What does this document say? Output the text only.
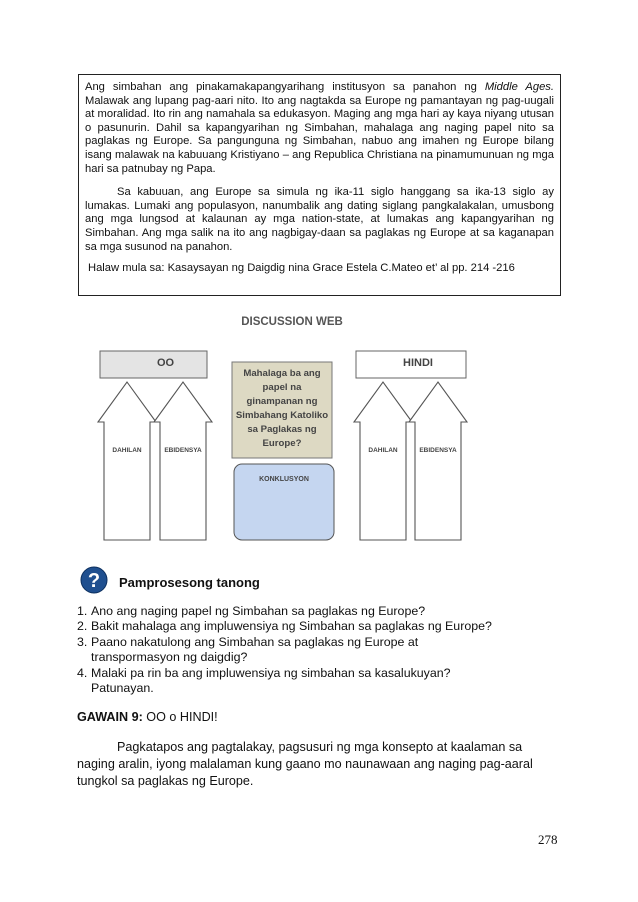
Ang simbahan ang pinakamakapangyarihang institusyon sa panahon ng Middle Ages. Malawak ang lupang pag-aari nito. Ito ang nagtakda sa Europe ng pamantayan ng pag-uugali at moralidad. Ito rin ang namahala sa edukasyon. Maging ang mga hari ay kaya niyang utusan o pasunurin. Dahil sa kapangyarihan ng Simbahan, mahalaga ang naging papel nito sa paglakas ng Europe. Sa pangunguna ng Simbahan, nabuo ang imahen ng Europe bilang isang malawak na kabuuang Kristiyano – ang Republica Christiana na pinamumunuan ng mga hari sa patnubay ng Papa.

Sa kabuuan, ang Europe sa simula ng ika-11 siglo hanggang sa ika-13 siglo ay lumakas. Lumaki ang populasyon, nanumbalik ang dating siglang pangkalakalan, umusbong ang mga lungsod at kalaunan ay mga nation-state, at lumakas ang kapangyarihan ng Simbahan. Ang mga salik na ito ang nagbigay-daan sa paglakas ng Europe at sa kaganapan sa mga susunod na panahon.

Halaw mula sa: Kasaysayan ng Daigdig nina Grace Estela C.Mateo et’ al pp. 214 -216

DISCUSSION WEB
OO	HINDI
DAHILAN	EBIDENSYA	DAHILAN	EBIDENSYA
Mahalaga ba ang
papel na
ginampanan ng
Simbahang Katoliko
sa Paglakas ng
Europe?
KONKLUSYON
? Pamprosesong tanong
1. Ano ang naging papel ng Simbahan sa paglakas ng Europe?
2. Bakit mahalaga ang impluwensiya ng Simbahan sa paglakas ng Europe?
3. Paano nakatulong ang Simbahan sa paglakas ng Europe at
transpormasyon ng daigdig?
4. Malaki pa rin ba ang impluwensiya ng simbahan sa kasalukuyan?
Patunayan.
GAWAIN 9: OO o HINDI!

Pagkatapos ang pagtalakay, pagsusuri ng mga konsepto at kaalaman sa naging aralin, iyong malalaman kung gaano mo naunawaan ang naging pag-aaral tungkol sa paglakas ng Europe.

278
